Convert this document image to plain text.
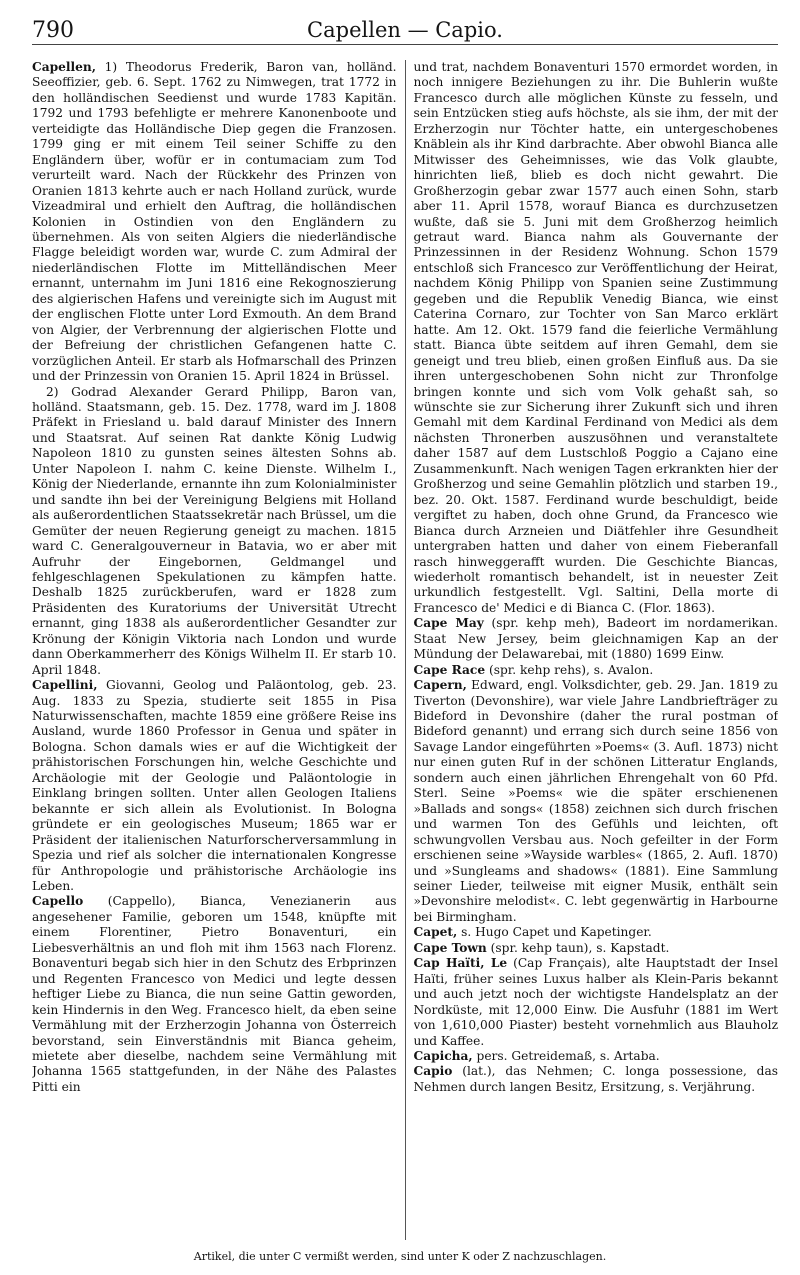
790	Capellen — Capio.

Capellen, 1) Theodorus Frederik, Baron van, holländ. Seeoffizier, geb. 6. Sept. 1762 zu Nimwegen, trat 1772 in den holländischen Seedienst und wurde 1783 Kapitän. 1792 und 1793 befehligte er mehrere Kanonenboote und verteidigte das Holländische Diep gegen die Franzosen. 1799 ging er mit einem Teil seiner Schiffe zu den Engländern über, wofür er in contumaciam zum Tod verurteilt ward. Nach der Rückkehr des Prinzen von Oranien 1813 kehrte auch er nach Holland zurück, wurde Vizeadmiral und erhielt den Auftrag, die holländischen Kolonien in Ostindien von den Engländern zu übernehmen. Als von seiten Algiers die niederländische Flagge beleidigt worden war, wurde C. zum Admiral der niederländischen Flotte im Mittelländischen Meer ernannt, unternahm im Juni 1816 eine Rekognoszierung des algierischen Hafens und vereinigte sich im August mit der englischen Flotte unter Lord Exmouth. An dem Brand von Algier, der Verbrennung der algierischen Flotte und der Befreiung der christlichen Gefangenen hatte C. vorzüglichen Anteil. Er starb als Hofmarschall des Prinzen und der Prinzessin von Oranien 15. April 1824 in Brüssel.

2) Godrad Alexander Gerard Philipp, Baron van, holländ. Staatsmann, geb. 15. Dez. 1778, ward im J. 1808 Präfekt in Friesland u. bald darauf Minister des Innern und Staatsrat. Auf seinen Rat dankte König Ludwig Napoleon 1810 zu gunsten seines ältesten Sohns ab. Unter Napoleon I. nahm C. keine Dienste. Wilhelm I., König der Niederlande, ernannte ihn zum Kolonialminister und sandte ihn bei der Vereinigung Belgiens mit Holland als außerordentlichen Staatssekretär nach Brüssel, um die Gemüter der neuen Regierung geneigt zu machen. 1815 ward C. Generalgouverneur in Batavia, wo er aber mit Aufruhr der Eingebornen, Geldmangel und fehlgeschlagenen Spekulationen zu kämpfen hatte. Deshalb 1825 zurückberufen, ward er 1828 zum Präsidenten des Kuratoriums der Universität Utrecht ernannt, ging 1838 als außerordentlicher Gesandter zur Krönung der Königin Viktoria nach London und wurde dann Oberkammerherr des Königs Wilhelm II. Er starb 10. April 1848.

Capellini, Giovanni, Geolog und Paläontolog, geb. 23. Aug. 1833 zu Spezia, studierte seit 1855 in Pisa Naturwissenschaften, machte 1859 eine größere Reise ins Ausland, wurde 1860 Professor in Genua und später in Bologna. Schon damals wies er auf die Wichtigkeit der prähistorischen Forschungen hin, welche Geschichte und Archäologie mit der Geologie und Paläontologie in Einklang bringen sollten. Unter allen Geologen Italiens bekannte er sich allein als Evolutionist. In Bologna gründete er ein geologisches Museum; 1865 war er Präsident der italienischen Naturforscherversammlung in Spezia und rief als solcher die internationalen Kongresse für Anthropologie und prähistorische Archäologie ins Leben.

Capello (Cappello), Bianca, Venezianerin aus angesehener Familie, geboren um 1548, knüpfte mit einem Florentiner, Pietro Bonaventuri, ein Liebesverhältnis an und floh mit ihm 1563 nach Florenz. Bonaventuri begab sich hier in den Schutz des Erbprinzen und Regenten Francesco von Medici und legte dessen heftiger Liebe zu Bianca, die nun seine Gattin geworden, kein Hindernis in den Weg. Francesco hielt, da eben seine Vermählung mit der Erzherzogin Johanna von Österreich bevorstand, sein Einverständnis mit Bianca geheim, mietete aber dieselbe, nachdem seine Vermählung mit Johanna 1565 stattgefunden, in der Nähe des Palastes Pitti ein

und trat, nachdem Bonaventuri 1570 ermordet worden, in noch innigere Beziehungen zu ihr. Die Buhlerin wußte Francesco durch alle möglichen Künste zu fesseln, und sein Entzücken stieg aufs höchste, als sie ihm, der mit der Erzherzogin nur Töchter hatte, ein untergeschobenes Knäblein als ihr Kind darbrachte. Aber obwohl Bianca alle Mitwisser des Geheimnisses, wie das Volk glaubte, hinrichten ließ, blieb es doch nicht gewahrt. Die Großherzogin gebar zwar 1577 auch einen Sohn, starb aber 11. April 1578, worauf Bianca es durchzusetzen wußte, daß sie 5. Juni mit dem Großherzog heimlich getraut ward. Bianca nahm als Gouvernante der Prinzessinnen in der Residenz Wohnung. Schon 1579 entschloß sich Francesco zur Veröffentlichung der Heirat, nachdem König Philipp von Spanien seine Zustimmung gegeben und die Republik Venedig Bianca, wie einst Caterina Cornaro, zur Tochter von San Marco erklärt hatte. Am 12. Okt. 1579 fand die feierliche Vermählung statt. Bianca übte seitdem auf ihren Gemahl, dem sie geneigt und treu blieb, einen großen Einfluß aus. Da sie ihren untergeschobenen Sohn nicht zur Thronfolge bringen konnte und sich vom Volk gehaßt sah, so wünschte sie zur Sicherung ihrer Zukunft sich und ihren Gemahl mit dem Kardinal Ferdinand von Medici als dem nächsten Thronerben auszusöhnen und veranstaltete daher 1587 auf dem Lustschloß Poggio a Cajano eine Zusammenkunft. Nach wenigen Tagen erkrankten hier der Großherzog und seine Gemahlin plötzlich und starben 19., bez. 20. Okt. 1587. Ferdinand wurde beschuldigt, beide vergiftet zu haben, doch ohne Grund, da Francesco wie Bianca durch Arzneien und Diätfehler ihre Gesundheit untergraben hatten und daher von einem Fieberanfall rasch hinweggerafft wurden. Die Geschichte Biancas, wiederholt romantisch behandelt, ist in neuester Zeit urkundlich festgestellt. Vgl. Saltini, Della morte di Francesco de' Medici e di Bianca C. (Flor. 1863).

Cape May (spr. kehp meh), Badeort im nordamerikan. Staat New Jersey, beim gleichnamigen Kap an der Mündung der Delawarebai, mit (1880) 1699 Einw.

Cape Race (spr. kehp rehs), s. Avalon.

Capern, Edward, engl. Volksdichter, geb. 29. Jan. 1819 zu Tiverton (Devonshire), war viele Jahre Landbriefträger zu Bideford in Devonshire (daher the rural postman of Bideford genannt) und errang sich durch seine 1856 von Savage Landor eingeführten »Poems« (3. Aufl. 1873) nicht nur einen guten Ruf in der schönen Litteratur Englands, sondern auch einen jährlichen Ehrengehalt von 60 Pfd. Sterl. Seine »Poems« wie die später erschienenen »Ballads and songs« (1858) zeichnen sich durch frischen und warmen Ton des Gefühls und leichten, oft schwungvollen Versbau aus. Noch gefeilter in der Form erschienen seine »Wayside warbles« (1865, 2. Aufl. 1870) und »Sungleams and shadows« (1881). Eine Sammlung seiner Lieder, teilweise mit eigner Musik, enthält sein »Devonshire melodist«. C. lebt gegenwärtig in Harbourne bei Birmingham.

Capet, s. Hugo Capet und Kapetinger.

Cape Town (spr. kehp taun), s. Kapstadt.

Cap Haïti, Le (Cap Français), alte Hauptstadt der Insel Haïti, früher seines Luxus halber als Klein-Paris bekannt und auch jetzt noch der wichtigste Handelsplatz an der Nordküste, mit 12,000 Einw. Die Ausfuhr (1881 im Wert von 1,610,000 Piaster) besteht vornehmlich aus Blauholz und Kaffee.

Capicha, pers. Getreidemaß, s. Artaba.

Capio (lat.), das Nehmen; C. longa possessione, das Nehmen durch langen Besitz, Ersitzung, s. Verjährung.

Artikel, die unter C vermißt werden, sind unter K oder Z nachzuschlagen.
